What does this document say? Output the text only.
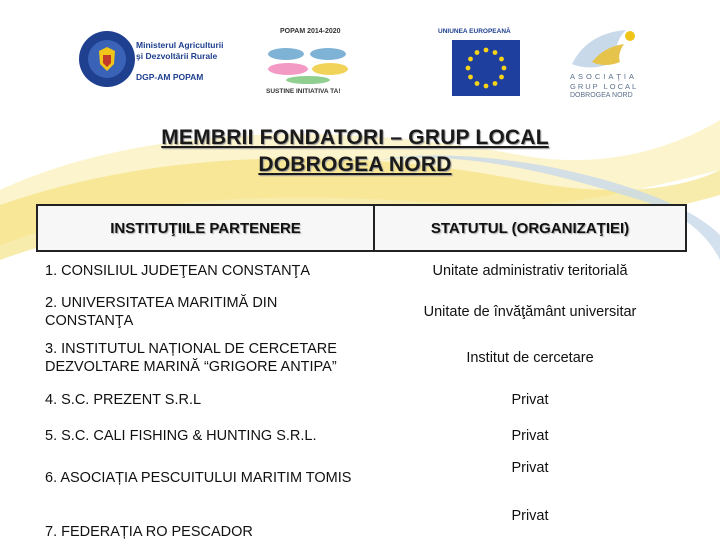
Ministerul Agriculturii
şi Dezvoltării Rurale
DGP-AM POPAM
POPAM 2014-2020
SUSTINE INITIATIVA TA!
UNIUNEA EUROPEANĂ
ASOCIAŢIA
GRUP LOCAL
DOBROGEA NORD
MEMBRII FONDATORI – GRUP LOCAL
DOBROGEA NORD
INSTITUŢIILE PARTENERE	STATUTUL (ORGANIZAŢIEI)
1. CONSILIUL JUDEŢEAN CONSTANŢA	Unitate administrativ teritorială
2. UNIVERSITATEA MARITIMĂ DIN CONSTANŢA	Unitate de învăţământ universitar
3. INSTITUTUL NAȚIONAL DE CERCETARE DEZVOLTARE MARINĂ “GRIGORE ANTIPA”	Institut de cercetare
4. S.C. PREZENT S.R.L	Privat
5. S.C. CALI FISHING & HUNTING S.R.L.	Privat
6. ASOCIAȚIA PESCUITULUI MARITIM TOMIS	Privat
7. FEDERAȚIA RO PESCADOR	Privat
